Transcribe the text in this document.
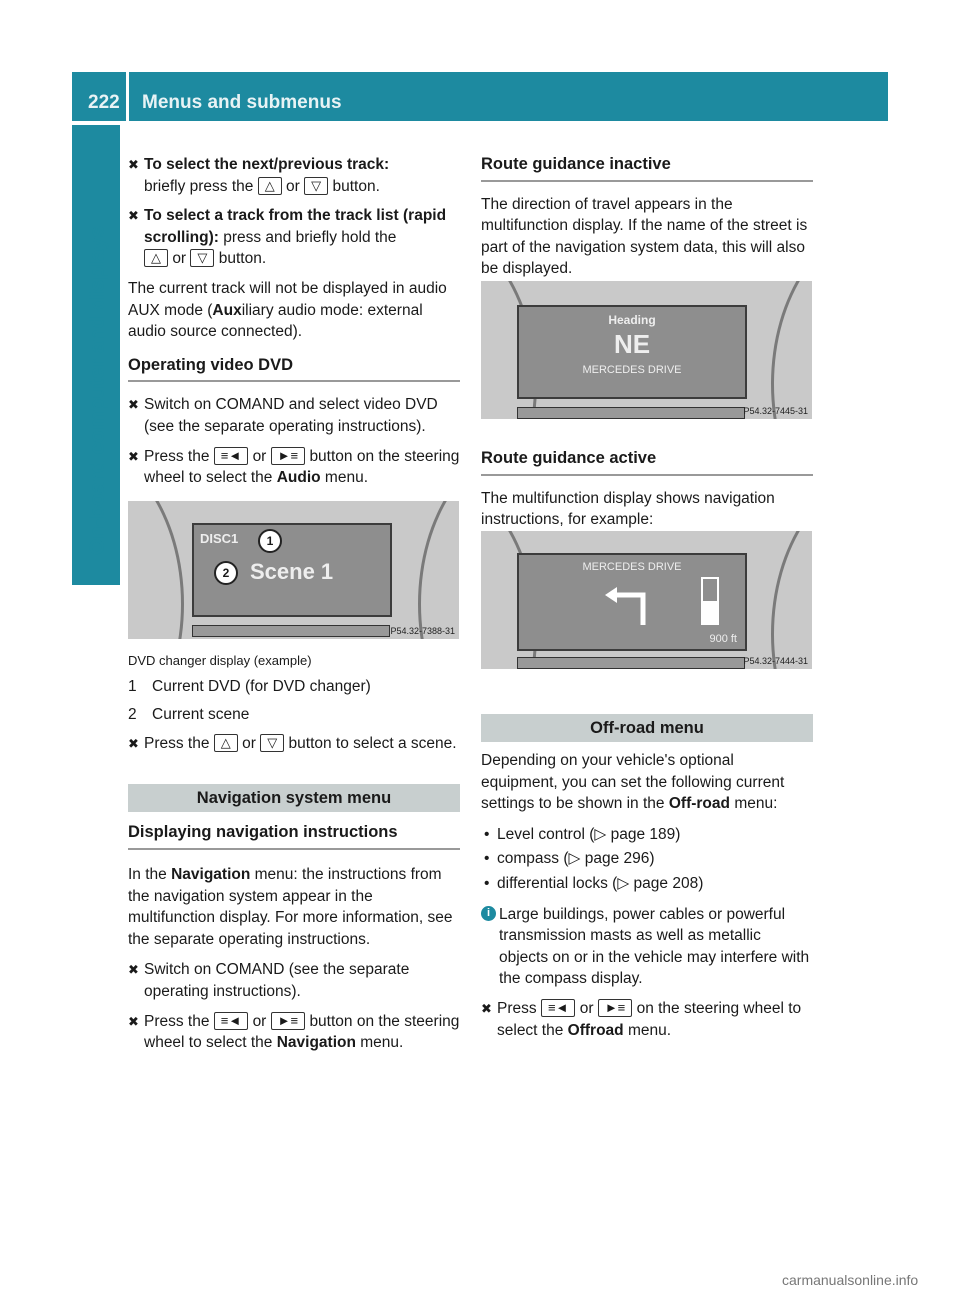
222 Menus and submenus
On-board computer and displays
✖ To select the next/previous track:
briefly press the △ or ▽ button.
✖ To select a track from the track list (rapid scrolling): press and briefly hold the
△ or ▽ button.

The current track will not be displayed in audio AUX mode (Auxiliary audio mode: external audio source connected).

Operating video DVD
✖ Switch on COMAND and select video DVD (see the separate operating instructions).
✖ Press the ≡◄ or ►≡ button on the steering wheel to select the Audio menu.
DISC1
Scene 1
1
2
P54.32-7388-31

DVD changer display (example)

1 Current DVD (for DVD changer)
2 Current scene
✖ Press the △ or ▽ button to select a scene.
Navigation system menu
Displaying navigation instructions

In the Navigation menu: the instructions from the navigation system appear in the multifunction display. For more information, see the separate operating instructions.

✖ Switch on COMAND (see the separate operating instructions).
✖ Press the ≡◄ or ►≡ button on the steering wheel to select the Navigation menu.
Route guidance inactive

The direction of travel appears in the multifunction display. If the name of the street is part of the navigation system data, this will also be displayed.

Heading
NE
MERCEDES DRIVE
P54.32-7445-31
Route guidance active

The multifunction display shows navigation instructions, for example:

MERCEDES DRIVE
900 ft
P54.32-7444-31
Off-road menu

Depending on your vehicle's optional equipment, you can set the following current settings to be shown in the Off-road menu:

• Level control (▷ page 189)
• compass (▷ page 296)
• differential locks (▷ page 208)
i Large buildings, power cables or powerful transmission masts as well as metallic objects on or in the vehicle may interfere with the compass display.
✖ Press ≡◄ or ►≡ on the steering wheel to select the Offroad menu.
carmanualsonline.info
